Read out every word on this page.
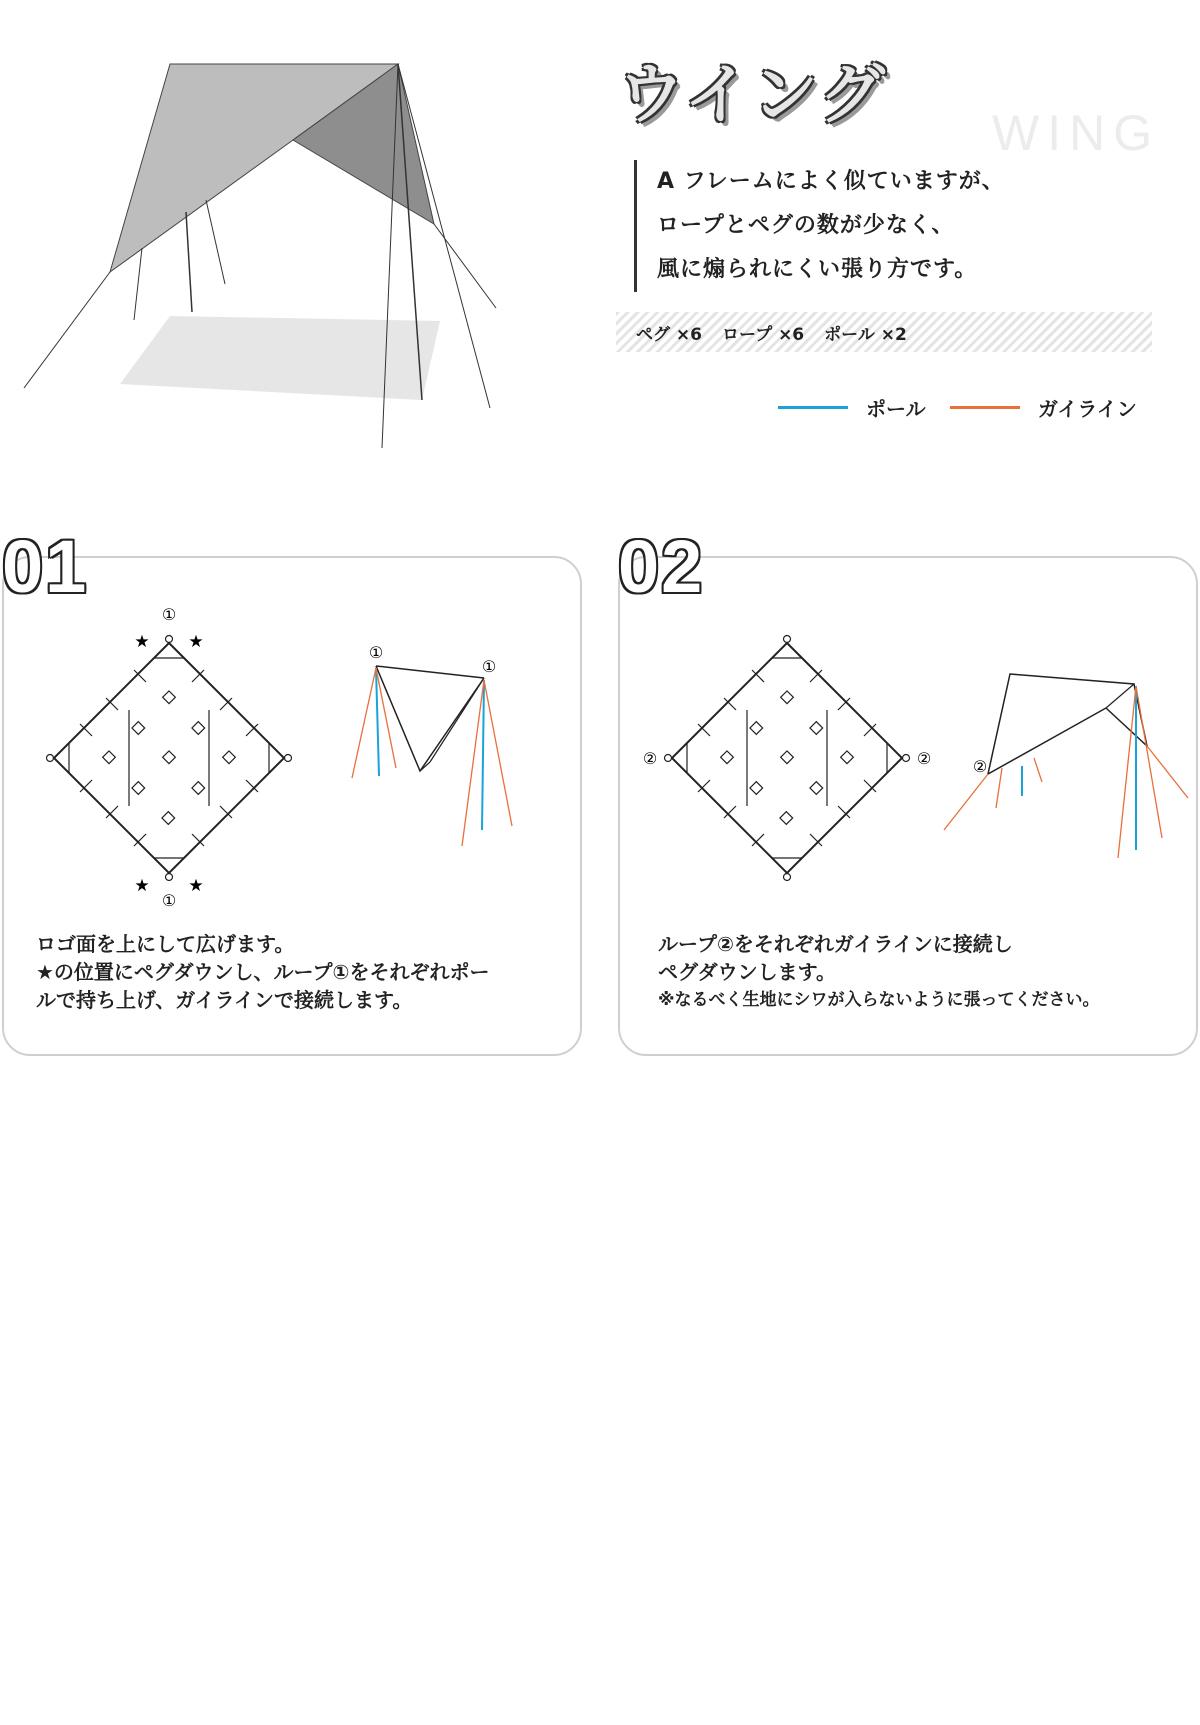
ウイング WING
A フレームによく似ていますが、
ロープとペグの数が少なく、
風に煽られにくい張り方です。
ペグ ×6 ロープ ×6 ポール ×2
ポール	ガイライン
①
①
★ ★
★ ★
①
①
ロゴ面を上にして広げます。
★の位置にペグダウンし、ループ①をそれぞれポー
ルで持ち上げ、ガイラインで接続します。
01
②	②	②
ループ②をそれぞれガイラインに接続し
ペグダウンします。
※なるべく生地にシワが入らないように張ってください。
02
